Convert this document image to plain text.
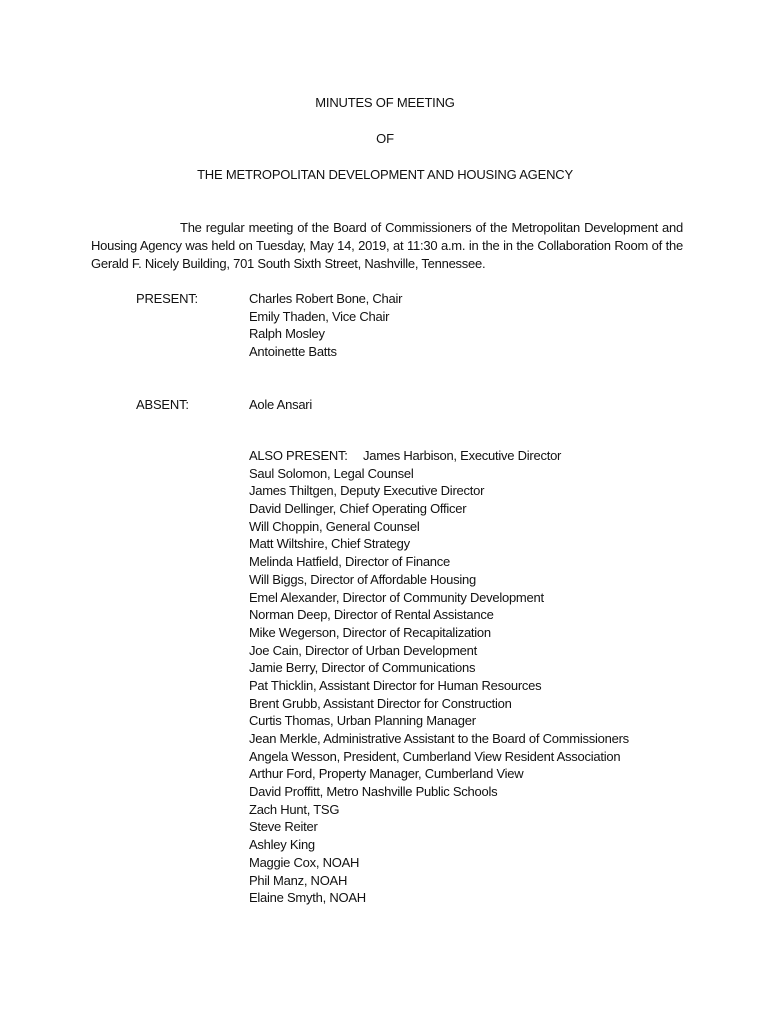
MINUTES OF MEETING
OF
THE METROPOLITAN DEVELOPMENT AND HOUSING AGENCY
The regular meeting of the Board of Commissioners of the Metropolitan Development and Housing Agency was held on Tuesday, May 14, 2019, at 11:30 a.m. in the in the Collaboration Room of the Gerald F. Nicely Building, 701 South Sixth Street, Nashville, Tennessee.
PRESENT:	Charles Robert Bone, Chair
Emily Thaden, Vice Chair
Ralph Mosley
Antoinette Batts
ABSENT:	Aole Ansari
ALSO PRESENT: James Harbison, Executive Director
Saul Solomon, Legal Counsel
James Thiltgen, Deputy Executive Director
David Dellinger, Chief Operating Officer
Will Choppin, General Counsel
Matt Wiltshire, Chief Strategy
Melinda Hatfield, Director of Finance
Will Biggs, Director of Affordable Housing
Emel Alexander, Director of Community Development
Norman Deep, Director of Rental Assistance
Mike Wegerson, Director of Recapitalization
Joe Cain, Director of Urban Development
Jamie Berry, Director of Communications
Pat Thicklin, Assistant Director for Human Resources
Brent Grubb, Assistant Director for Construction
Curtis Thomas, Urban Planning Manager
Jean Merkle, Administrative Assistant to the Board of Commissioners
Angela Wesson, President, Cumberland View Resident Association
Arthur Ford, Property Manager, Cumberland View
David Proffitt, Metro Nashville Public Schools
Zach Hunt, TSG
Steve Reiter
Ashley King
Maggie Cox, NOAH
Phil Manz, NOAH
Elaine Smyth, NOAH
